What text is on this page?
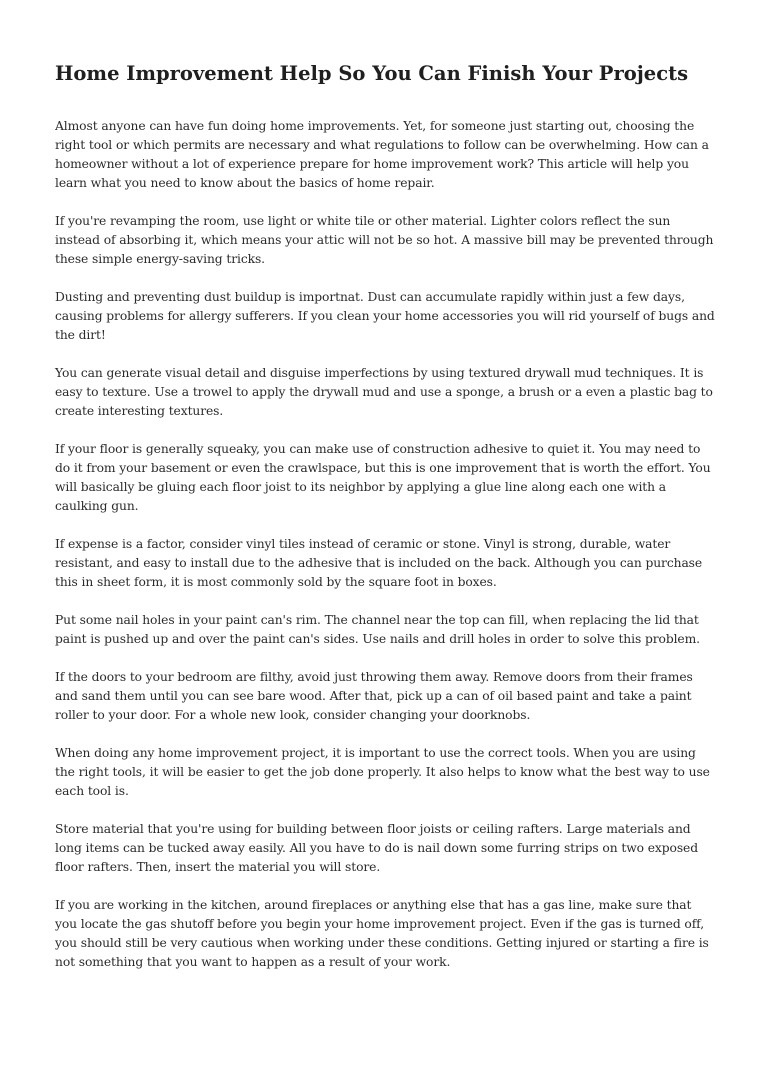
Home Improvement Help So You Can Finish Your Projects

Almost anyone can have fun doing home improvements. Yet, for someone just starting out, choosing the right tool or which permits are necessary and what regulations to follow can be overwhelming. How can a homeowner without a lot of experience prepare for home improvement work? This article will help you learn what you need to know about the basics of home repair.

If you're revamping the room, use light or white tile or other material. Lighter colors reflect the sun instead of absorbing it, which means your attic will not be so hot. A massive bill may be prevented through these simple energy-saving tricks.

Dusting and preventing dust buildup is importnat. Dust can accumulate rapidly within just a few days, causing problems for allergy sufferers. If you clean your home accessories you will rid yourself of bugs and the dirt!

You can generate visual detail and disguise imperfections by using textured drywall mud techniques. It is easy to texture. Use a trowel to apply the drywall mud and use a sponge, a brush or a even a plastic bag to create interesting textures.

If your floor is generally squeaky, you can make use of construction adhesive to quiet it. You may need to do it from your basement or even the crawlspace, but this is one improvement that is worth the effort. You will basically be gluing each floor joist to its neighbor by applying a glue line along each one with a caulking gun.

If expense is a factor, consider vinyl tiles instead of ceramic or stone. Vinyl is strong, durable, water resistant, and easy to install due to the adhesive that is included on the back. Although you can purchase this in sheet form, it is most commonly sold by the square foot in boxes.

Put some nail holes in your paint can's rim. The channel near the top can fill, when replacing the lid that paint is pushed up and over the paint can's sides. Use nails and drill holes in order to solve this problem.

If the doors to your bedroom are filthy, avoid just throwing them away. Remove doors from their frames and sand them until you can see bare wood. After that, pick up a can of oil based paint and take a paint roller to your door. For a whole new look, consider changing your doorknobs.

When doing any home improvement project, it is important to use the correct tools. When you are using the right tools, it will be easier to get the job done properly. It also helps to know what the best way to use each tool is.

Store material that you're using for building between floor joists or ceiling rafters. Large materials and long items can be tucked away easily. All you have to do is nail down some furring strips on two exposed floor rafters. Then, insert the material you will store.

If you are working in the kitchen, around fireplaces or anything else that has a gas line, make sure that you locate the gas shutoff before you begin your home improvement project. Even if the gas is turned off, you should still be very cautious when working under these conditions. Getting injured or starting a fire is not something that you want to happen as a result of your work.
